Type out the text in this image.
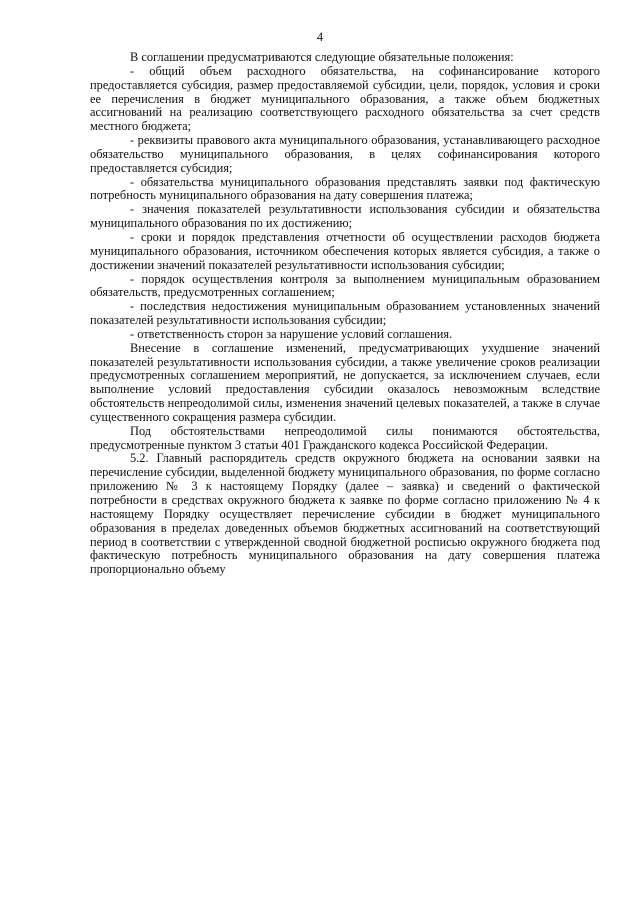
4

В соглашении предусматриваются следующие обязательные положения:

- общий объем расходного обязательства, на софинансирование которого предоставляется субсидия, размер предоставляемой субсидии, цели, порядок, условия и сроки ее перечисления в бюджет муниципального образования, а также объем бюджетных ассигнований на реализацию соответствующего расходного обязательства за счет средств местного бюджета;

- реквизиты правового акта муниципального образования, устанавливающего расходное обязательство муниципального образования, в целях софинансирования которого предоставляется субсидия;

- обязательства муниципального образования представлять заявки под фактическую потребность муниципального образования на дату совершения платежа;

- значения показателей результативности использования субсидии и обязательства муниципального образования по их достижению;

- сроки и порядок представления отчетности об осуществлении расходов бюджета муниципального образования, источником обеспечения которых является субсидия, а также о достижении значений показателей результативности использования субсидии;

- порядок осуществления контроля за выполнением муниципальным образованием обязательств, предусмотренных соглашением;

- последствия недостижения муниципальным образованием установленных значений показателей результативности использования субсидии;

- ответственность сторон за нарушение условий соглашения.

Внесение в соглашение изменений, предусматривающих ухудшение значений показателей результативности использования субсидии, а также увеличение сроков реализации предусмотренных соглашением мероприятий, не допускается, за исключением случаев, если выполнение условий предоставления субсидии оказалось невозможным вследствие обстоятельств непреодолимой силы, изменения значений целевых показателей, а также в случае существенного сокращения размера субсидии.

Под обстоятельствами непреодолимой силы понимаются обстоятельства, предусмотренные пунктом 3 статьи 401 Гражданского кодекса Российской Федерации.

5.2. Главный распорядитель средств окружного бюджета на основании заявки на перечисление субсидии, выделенной бюджету муниципального образования, по форме согласно приложению № 3 к настоящему Порядку (далее – заявка) и сведений о фактической потребности в средствах окружного бюджета к заявке по форме согласно приложению № 4 к настоящему Порядку осуществляет перечисление субсидии в бюджет муниципального образования в пределах доведенных объемов бюджетных ассигнований на соответствующий период в соответствии с утвержденной сводной бюджетной росписью окружного бюджета под фактическую потребность муниципального образования на дату совершения платежа пропорционально объему
